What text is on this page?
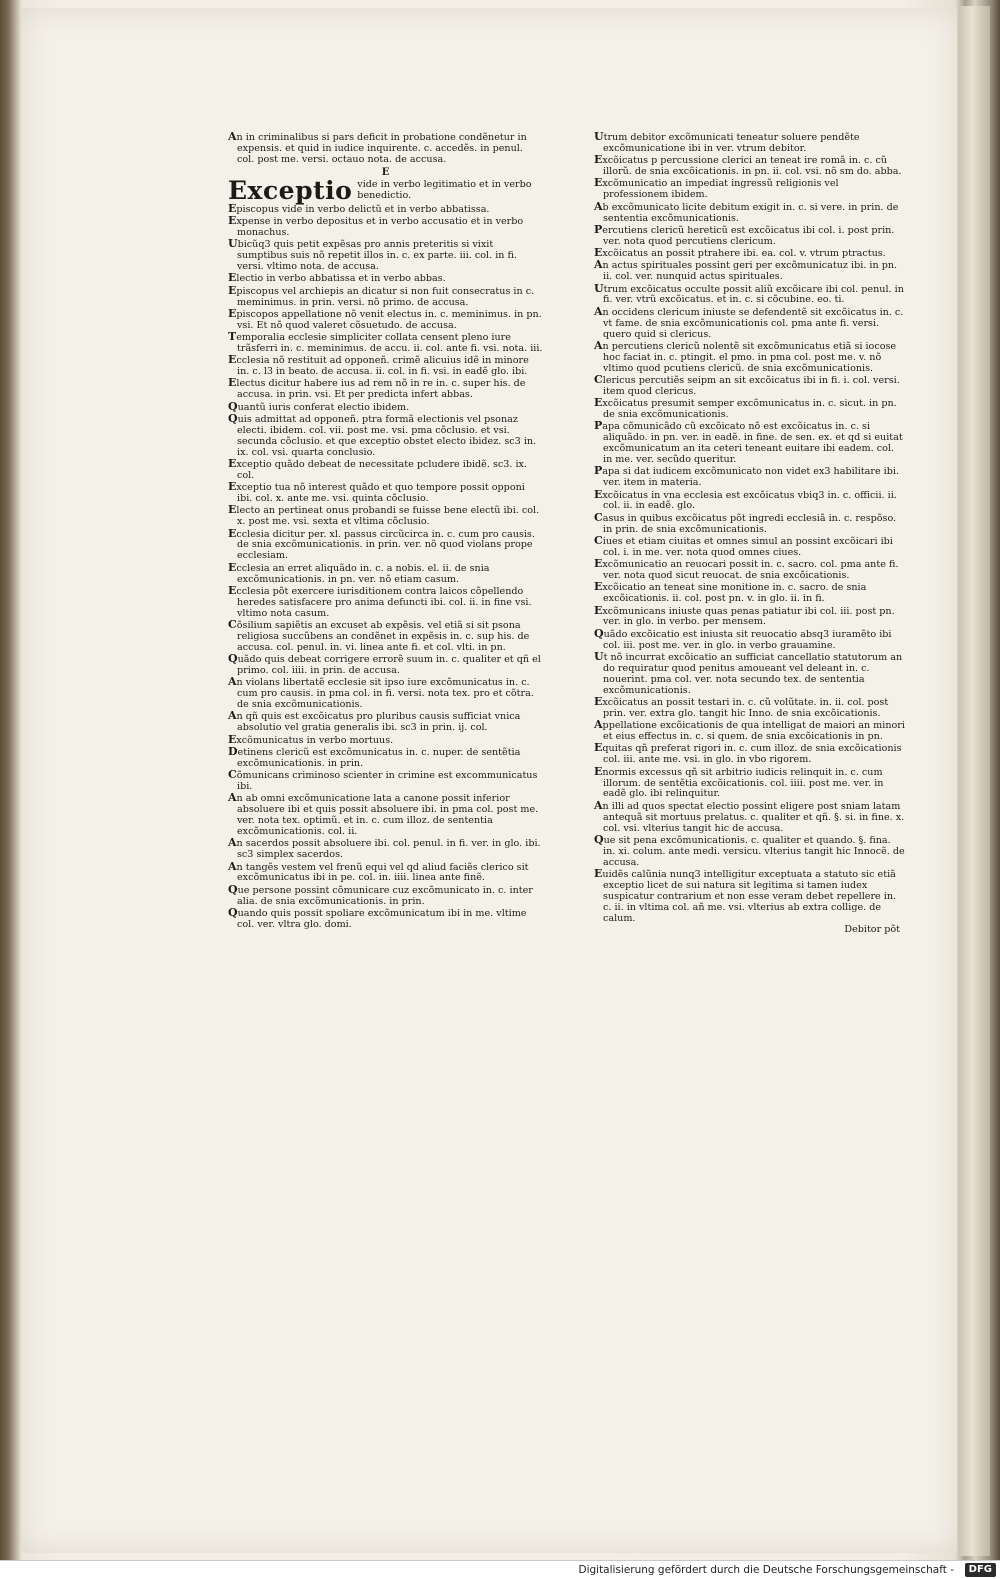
An in criminalibus si pars deficit in probatione condẽnetur in expensis. et quid in iudice inquirente. c. accedẽs. in penul. col. post me. versi. octauo nota. de accusa.
E
Exceptio vide in verbo legitimatio et in verbo benedictio.
Episcopus vide in verbo delictũ et in verbo abbatissa.
Expense in verbo depositus et in verbo accusatio et in verbo monachus.
Ubicũq3 quis petit expẽsas pro annis preteritis si vixit sumptibus suis nõ repetit illos in. c. ex parte. iii. col. in fi. versi. vltimo nota. de accusa.
Electio in verbo abbatissa et in verbo abbas.
Episcopus vel archiepis an dicatur si non fuit consecratus in c. meminimus. in prin. versi. nõ primo. de accusa.
Episcopos appellatione nõ venit electus in. c. meminimus. in pn. vsi. Et nõ quod valeret cõsuetudo. de accusa.
Temporalia ecclesie simpliciter collata censent pleno iure trãsferri in. c. meminimus. de accu. ii. col. ante fi. vsi. nota. iii.
Ecclesia nõ restituit ad opponeñ. crimẽ alicuius idẽ in minore in. c. l3 in beato. de accusa. ii. col. in fi. vsi. in eadẽ glo. ibi.
Electus dicitur habere ius ad rem nõ in re in. c. super his. de accusa. in prin. vsi. Et per predicta infert abbas.
Quantũ iuris conferat electio ibidem.
Quis admittat ad opponeñ. ptra formã electionis vel psonaz electi. ibidem. col. vii. post me. vsi. pma cõclusio. et vsi. secunda cõclusio. et que exceptio obstet electo ibidez. sc3 in. ix. col. vsi. quarta conclusio.
Exceptio quãdo debeat de necessitate pcludere ibidẽ. sc3. ix. col.
Exceptio tua nõ interest quãdo et quo tempore possit opponi ibi. col. x. ante me. vsi. quinta cõclusio.
Electo an pertineat onus probandi se fuisse bene electũ ibi. col. x. post me. vsi. sexta et vltima cõclusio.
Ecclesia dicitur per. xl. passus circũcirca in. c. cum pro causis. de snia excõmunicationis. in prin. ver. nõ quod violans prope ecclesiam.
Ecclesia an erret aliquãdo in. c. a nobis. el. ii. de snia excõmunicationis. in pn. ver. nõ etiam casum.
Ecclesia põt exercere iurisditionem contra laicos cõpellendo heredes satisfacere pro anima defuncti ibi. col. ii. in fine vsi. vltimo nota casum.
Cõsilium sapiẽtis an excuset ab expẽsis. vel etiã si sit psona religiosa succũbens an condẽnet in expẽsis in. c. sup his. de accusa. col. penul. in. vi. linea ante fi. et col. vlti. in pn.
Quãdo quis debeat corrigere errorẽ suum in. c. qualiter et qñ el primo. col. iiii. in prin. de accusa.
An violans libertatẽ ecclesie sit ipso iure excõmunicatus in. c. cum pro causis. in pma col. in fi. versi. nota tex. pro et cõtra. de snia excõmunicationis.
An qñ quis est excõicatus pro pluribus causis sufficiat vnica absolutio vel gratia generalis ibi. sc3 in prin. ij. col.
Excõmunicatus in verbo mortuus.
Detinens clericũ est excõmunicatus in. c. nuper. de sentẽtia excõmunicationis. in prin.
Cõmunicans criminoso scienter in crimine est excommunicatus ibi.
An ab omni excõmunicatione lata a canone possit inferior absoluere ibi et quis possit absoluere ibi. in pma col. post me. ver. nota tex. optimũ. et in. c. cum illoz. de sententia excõmunicationis. col. ii.
An sacerdos possit absoluere ibi. col. penul. in fi. ver. in glo. ibi. sc3 simplex sacerdos.
An tangẽs vestem vel frenũ equi vel qd aliud faciẽs clerico sit excõmunicatus ibi in pe. col. in. iiii. linea ante finẽ.
Que persone possint cõmunicare cuz excõmunicato in. c. inter alia. de snia excõmunicationis. in prin.
Quando quis possit spoliare excõmunicatum ibi in me. vltime col. ver. vltra glo. domi.
Utrum debitor excõmunicati teneatur soluere pendẽte excõmunicatione ibi in ver. vtrum debitor.
Excõicatus p percussione clerici an teneat ire romã in. c. cũ illorũ. de snia excõicationis. in pn. ii. col. vsi. nõ sm do. abba.
Excõmunicatio an impediat ingressũ religionis vel professionem ibidem.
Ab excõmunicato licite debitum exigit in. c. si vere. in prin. de sententia excõmunicationis.
Percutiens clericũ hereticũ est excõicatus ibi col. i. post prin. ver. nota quod percutiens clericum.
Excõicatus an possit ptrahere ibi. ea. col. v. vtrum ptractus.
An actus spirituales possint geri per excõmunicatuz ibi. in pn. ii. col. ver. nunquid actus spirituales.
Utrum excõicatus occulte possit aliũ excõicare ibi col. penul. in fi. ver. vtrũ excõicatus. et in. c. si cõcubine. eo. ti.
An occidens clericum iniuste se defendentẽ sit excõicatus in. c. vt fame. de snia excõmunicationis col. pma ante fi. versi. quero quid si clericus.
An percutiens clericũ nolentẽ sit excõmunicatus etiã si iocose hoc faciat in. c. ptingit. el pmo. in pma col. post me. v. nõ vltimo quod pcutiens clericũ. de snia excõmunicationis.
Clericus percutiẽs seipm an sit excõicatus ibi in fi. i. col. versi. item quod clericus.
Excõicatus presumit semper excõmunicatus in. c. sicut. in pn. de snia excõmunicationis.
Papa cõmunicãdo cũ excõicato nõ est excõicatus in. c. si aliquãdo. in pn. ver. in eadẽ. in fine. de sen. ex. et qd si euitat excõmunicatum an ita ceteri teneant euitare ibi eadem. col. in me. ver. secũdo queritur.
Papa si dat iudicem excõmunicato non videt ex3 habilitare ibi. ver. item in materia.
Excõicatus in vna ecclesia est excõicatus vbiq3 in. c. officii. ii. col. ii. in eadẽ. glo.
Casus in quibus excõicatus põt ingredi ecclesiã in. c. respõso. in prin. de snia excõmunicationis.
Ciues et etiam ciuitas et omnes simul an possint excõicari ibi col. i. in me. ver. nota quod omnes ciues.
Excõmunicatio an reuocari possit in. c. sacro. col. pma ante fi. ver. nota quod sicut reuocat. de snia excõicationis.
Excõicatio an teneat sine monitione in. c. sacro. de snia excõicationis. ii. col. post pn. v. in glo. ii. in fi.
Excõmunicans iniuste quas penas patiatur ibi col. iii. post pn. ver. in glo. in verbo. per mensem.
Quãdo excõicatio est iniusta sit reuocatio absq3 iuramẽto ibi col. iii. post me. ver. in glo. in verbo grauamine.
Ut nõ incurrat excõicatio an sufficiat cancellatio statutorum an do requiratur quod penitus amoueant vel deleant in. c. nouerint. pma col. ver. nota secundo tex. de sententia excõmunicationis.
Excõicatus an possit testari in. c. cũ volũtate. in. ii. col. post prin. ver. extra glo. tangit hic Inno. de snia excõicationis.
Appellatione excõicationis de qua intelligat de maiori an minori et eius effectus in. c. si quem. de snia excõicationis in pn.
Equitas qñ preferat rigori in. c. cum illoz. de snia excõicationis col. iii. ante me. vsi. in glo. in vbo rigorem.
Enormis excessus qñ sit arbitrio iudicis relinquit in. c. cum illorum. de sentẽtia excõicationis. col. iiii. post me. ver. in eadẽ glo. ibi relinquitur.
An illi ad quos spectat electio possint eligere post sniam latam antequã sit mortuus prelatus. c. qualiter et qñ. §. si. in fine. x. col. vsi. vlterius tangit hic de accusa.
Que sit pena excõmunicationis. c. qualiter et quando. §. fina. in. xi. colum. ante medi. versicu. vlterius tangit hic Innocẽ. de accusa.
Euidẽs calũnia nunq3 intelligitur exceptuata a statuto sic etiã exceptio licet de sui natura sit legitima si tamen iudex suspicatur contrarium et non esse veram debet repellere in. c. ii. in vltima col. añ me. vsi. vlterius ab extra collige. de calum.
Debitor põt
Digitalisierung gefördert durch die Deutsche Forschungsgemeinschaft -	DFG
